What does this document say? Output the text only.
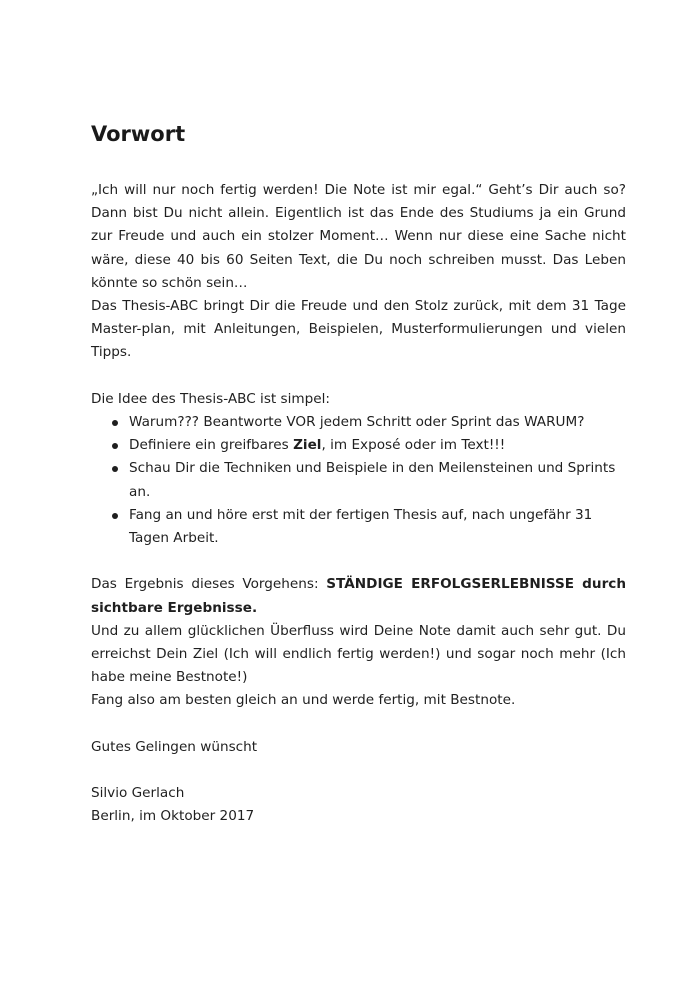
Vorwort

„Ich will nur noch fertig werden! Die Note ist mir egal.“ Geht’s Dir auch so? Dann bist Du nicht allein. Eigentlich ist das Ende des Studiums ja ein Grund zur Freude und auch ein stolzer Moment… Wenn nur diese eine Sache nicht wäre, diese 40 bis 60 Seiten Text, die Du noch schreiben musst. Das Leben könnte so schön sein…

Das Thesis-ABC bringt Dir die Freude und den Stolz zurück, mit dem 31 Tage Master-plan, mit Anleitungen, Beispielen, Musterformulierungen und vielen Tipps.

Die Idee des Thesis-ABC ist simpel:

Warum??? Beantworte VOR jedem Schritt oder Sprint das WARUM?
Definiere ein greifbares Ziel, im Exposé oder im Text!!!
Schau Dir die Techniken und Beispiele in den Meilensteinen und Sprints an.
Fang an und höre erst mit der fertigen Thesis auf, nach ungefähr 31 Tagen Arbeit.

Das Ergebnis dieses Vorgehens: STÄNDIGE ERFOLGSERLEBNISSE durch sichtbare Ergebnisse.

Und zu allem glücklichen Überfluss wird Deine Note damit auch sehr gut. Du erreichst Dein Ziel (Ich will endlich fertig werden!) und sogar noch mehr (Ich habe meine Bestnote!)

Fang also am besten gleich an und werde fertig, mit Bestnote.

Gutes Gelingen wünscht

Silvio Gerlach

Berlin, im Oktober 2017
